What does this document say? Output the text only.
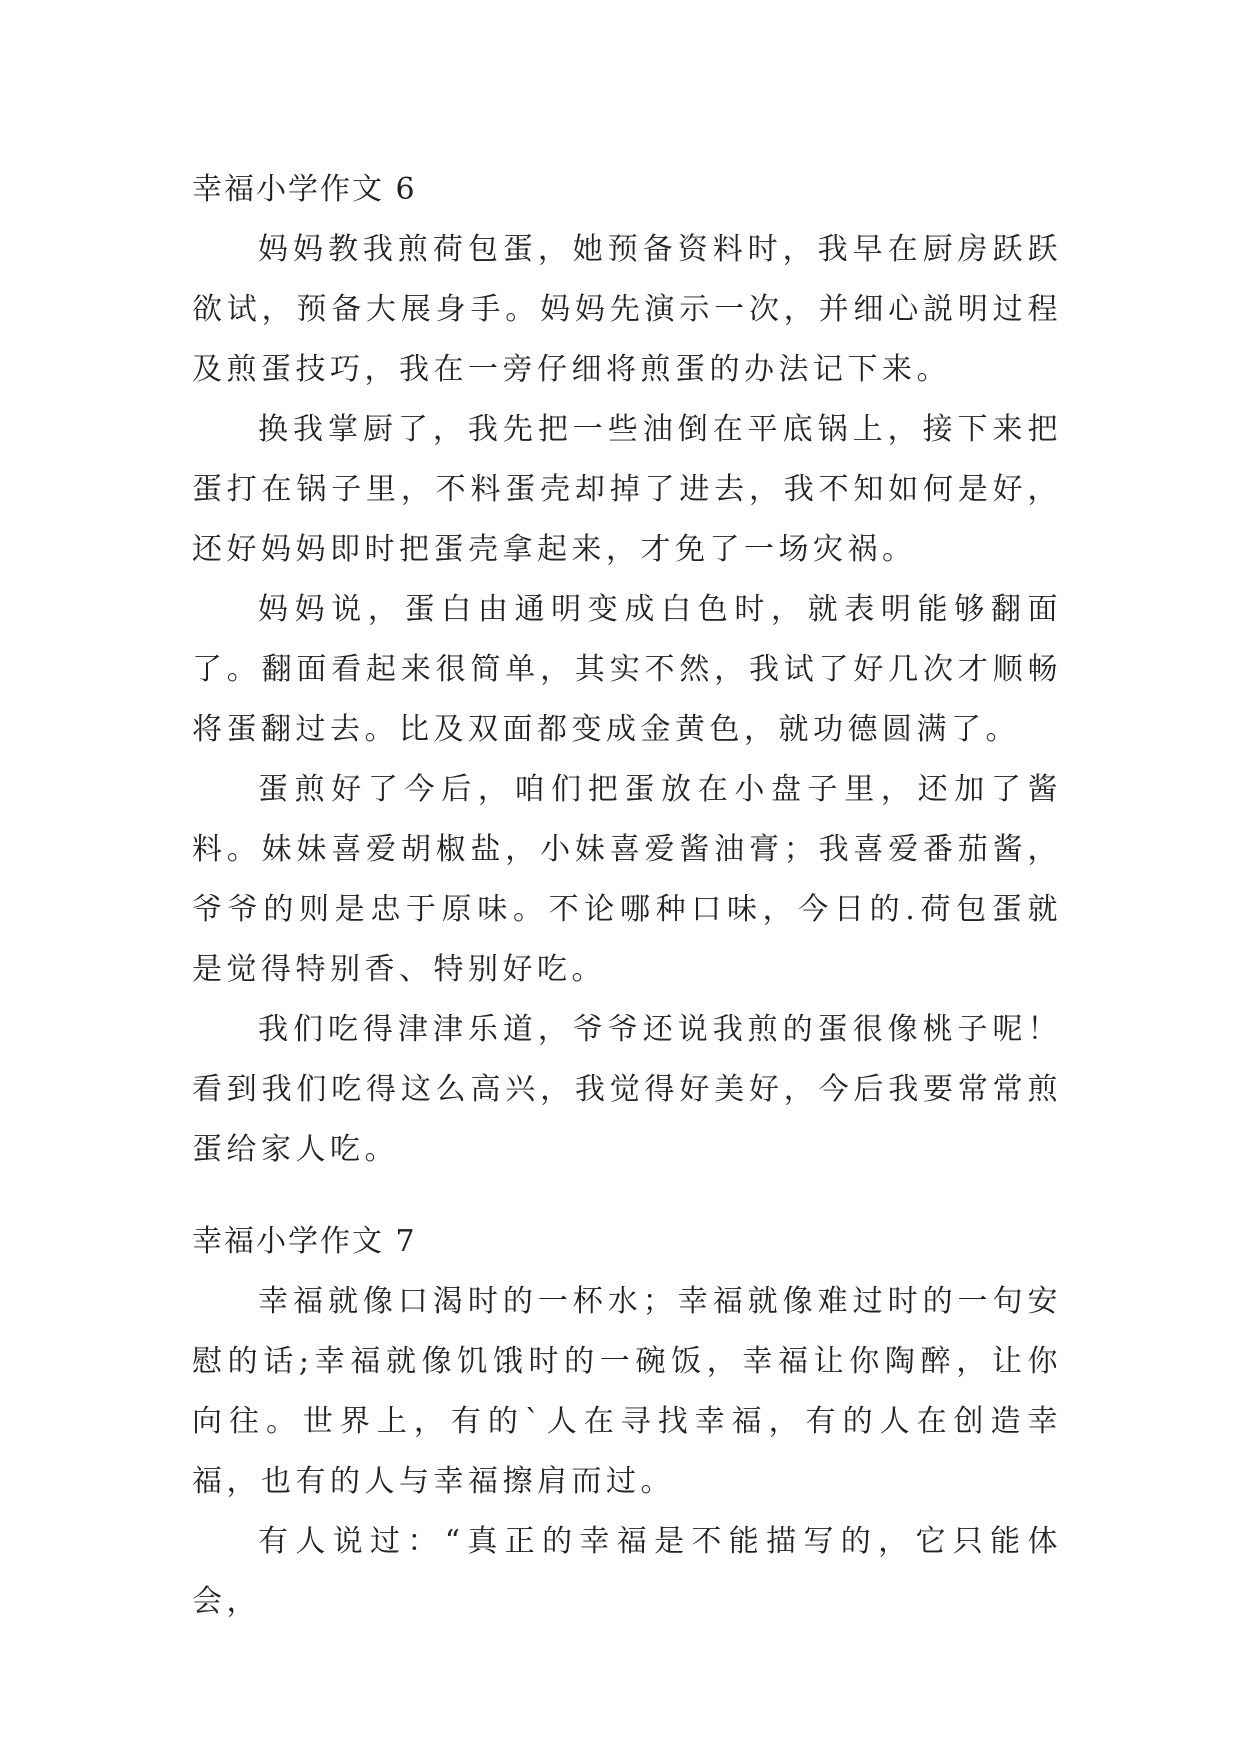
幸福小学作文 6

妈妈教我煎荷包蛋，她预备资料时，我早在厨房跃跃欲试，预备大展身手。妈妈先演示一次，并细心説明过程及煎蛋技巧，我在一旁仔细将煎蛋的办法记下来。

换我掌厨了，我先把一些油倒在平底锅上，接下来把蛋打在锅子里，不料蛋壳却掉了进去，我不知如何是好，还好妈妈即时把蛋壳拿起来，才免了一场灾祸。

妈妈说，蛋白由通明变成白色时，就表明能够翻面了。翻面看起来很简单，其实不然，我试了好几次才顺畅将蛋翻过去。比及双面都变成金黄色，就功德圆满了。

蛋煎好了今后，咱们把蛋放在小盘子里，还加了酱料。妹妹喜爱胡椒盐，小妹喜爱酱油膏；我喜爱番茄酱，爷爷的则是忠于原味。不论哪种口味，今日的.荷包蛋就是觉得特别香、特别好吃。

我们吃得津津乐道，爷爷还说我煎的蛋很像桃子呢！看到我们吃得这么高兴，我觉得好美好，今后我要常常煎蛋给家人吃。

幸福小学作文 7

幸福就像口渴时的一杯水；幸福就像难过时的一句安慰的话;幸福就像饥饿时的一碗饭，幸福让你陶醉，让你向往。世界上，有的`人在寻找幸福，有的人在创造幸福，也有的人与幸福擦肩而过。

有人说过：“真正的幸福是不能描写的，它只能体会，
